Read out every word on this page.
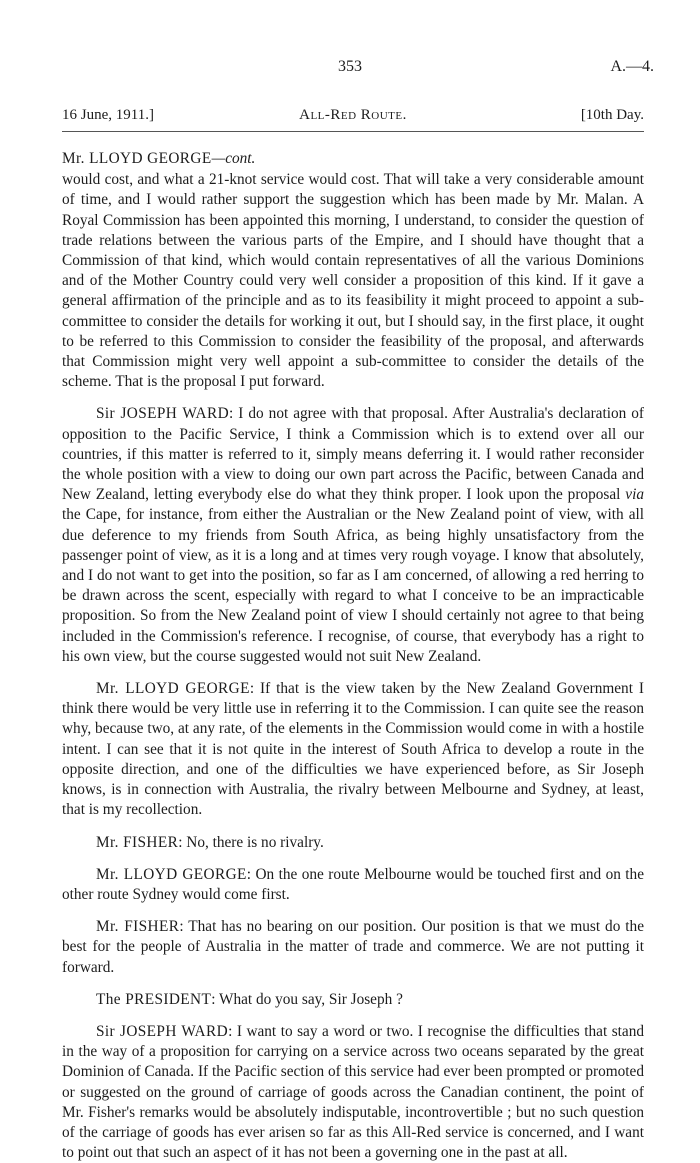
353	A.—4.
16 June, 1911.]	All-Red Route.	[10th Day.
Mr. LLOYD GEORGE—cont.

would cost, and what a 21-knot service would cost. That will take a very considerable amount of time, and I would rather support the suggestion which has been made by Mr. Malan. A Royal Commission has been appointed this morning, I understand, to consider the question of trade relations between the various parts of the Empire, and I should have thought that a Commission of that kind, which would contain representatives of all the various Dominions and of the Mother Country could very well consider a proposition of this kind. If it gave a general affirmation of the principle and as to its feasibility it might proceed to appoint a sub-committee to consider the details for working it out, but I should say, in the first place, it ought to be referred to this Commission to consider the feasibility of the proposal, and afterwards that Commission might very well appoint a sub-committee to consider the details of the scheme. That is the proposal I put forward.

Sir JOSEPH WARD: I do not agree with that proposal. After Australia's declaration of opposition to the Pacific Service, I think a Commission which is to extend over all our countries, if this matter is referred to it, simply means deferring it. I would rather reconsider the whole position with a view to doing our own part across the Pacific, between Canada and New Zealand, letting everybody else do what they think proper. I look upon the proposal via the Cape, for instance, from either the Australian or the New Zealand point of view, with all due deference to my friends from South Africa, as being highly unsatisfactory from the passenger point of view, as it is a long and at times very rough voyage. I know that absolutely, and I do not want to get into the position, so far as I am concerned, of allowing a red herring to be drawn across the scent, especially with regard to what I conceive to be an impracticable proposition. So from the New Zealand point of view I should certainly not agree to that being included in the Commission's reference. I recognise, of course, that everybody has a right to his own view, but the course suggested would not suit New Zealand.

Mr. LLOYD GEORGE: If that is the view taken by the New Zealand Government I think there would be very little use in referring it to the Commission. I can quite see the reason why, because two, at any rate, of the elements in the Commission would come in with a hostile intent. I can see that it is not quite in the interest of South Africa to develop a route in the opposite direction, and one of the difficulties we have experienced before, as Sir Joseph knows, is in connection with Australia, the rivalry between Melbourne and Sydney, at least, that is my recollection.

Mr. FISHER: No, there is no rivalry.

Mr. LLOYD GEORGE: On the one route Melbourne would be touched first and on the other route Sydney would come first.

Mr. FISHER: That has no bearing on our position. Our position is that we must do the best for the people of Australia in the matter of trade and commerce. We are not putting it forward.

The PRESIDENT: What do you say, Sir Joseph ?

Sir JOSEPH WARD: I want to say a word or two. I recognise the difficulties that stand in the way of a proposition for carrying on a service across two oceans separated by the great Dominion of Canada. If the Pacific section of this service had ever been prompted or promoted or suggested on the ground of carriage of goods across the Canadian continent, the point of Mr. Fisher's remarks would be absolutely indisputable, incontrovertible ; but no such question of the carriage of goods has ever arisen so far as this All-Red service is concerned, and I want to point out that such an aspect of it has not been a governing one in the past at all.
